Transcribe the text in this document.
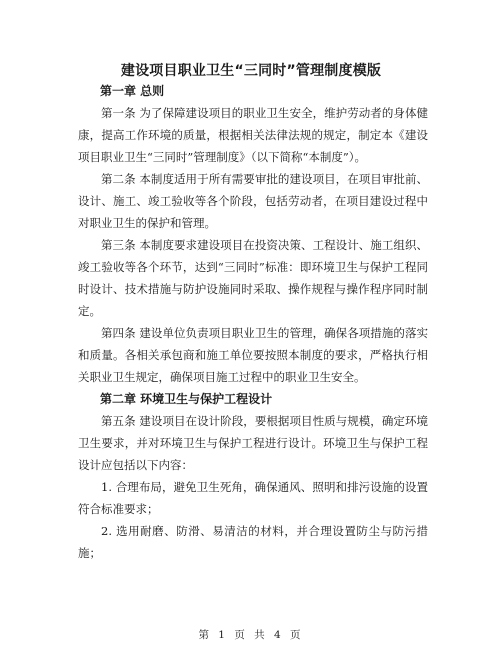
建设项目职业卫生“三同时”管理制度模版

第一章 总则

第一条 为了保障建设项目的职业卫生安全，维护劳动者的身体健康，提高工作环境的质量，根据相关法律法规的规定，制定本《建设项目职业卫生“三同时”管理制度》（以下简称“本制度”）。

第二条 本制度适用于所有需要审批的建设项目，在项目审批前、设计、施工、竣工验收等各个阶段，包括劳动者，在项目建设过程中对职业卫生的保护和管理。

第三条 本制度要求建设项目在投资决策、工程设计、施工组织、竣工验收等各个环节，达到“三同时”标准：即环境卫生与保护工程同时设计、技术措施与防护设施同时采取、操作规程与操作程序同时制定。

第四条 建设单位负责项目职业卫生的管理，确保各项措施的落实和质量。各相关承包商和施工单位要按照本制度的要求，严格执行相关职业卫生规定，确保项目施工过程中的职业卫生安全。

第二章 环境卫生与保护工程设计

第五条 建设项目在设计阶段，要根据项目性质与规模，确定环境卫生要求，并对环境卫生与保护工程进行设计。环境卫生与保护工程设计应包括以下内容：

1. 合理布局，避免卫生死角，确保通风、照明和排污设施的设置符合标准要求；

2. 选用耐磨、防滑、易清洁的材料，并合理设置防尘与防污措施；

第 1 页 共 4 页
